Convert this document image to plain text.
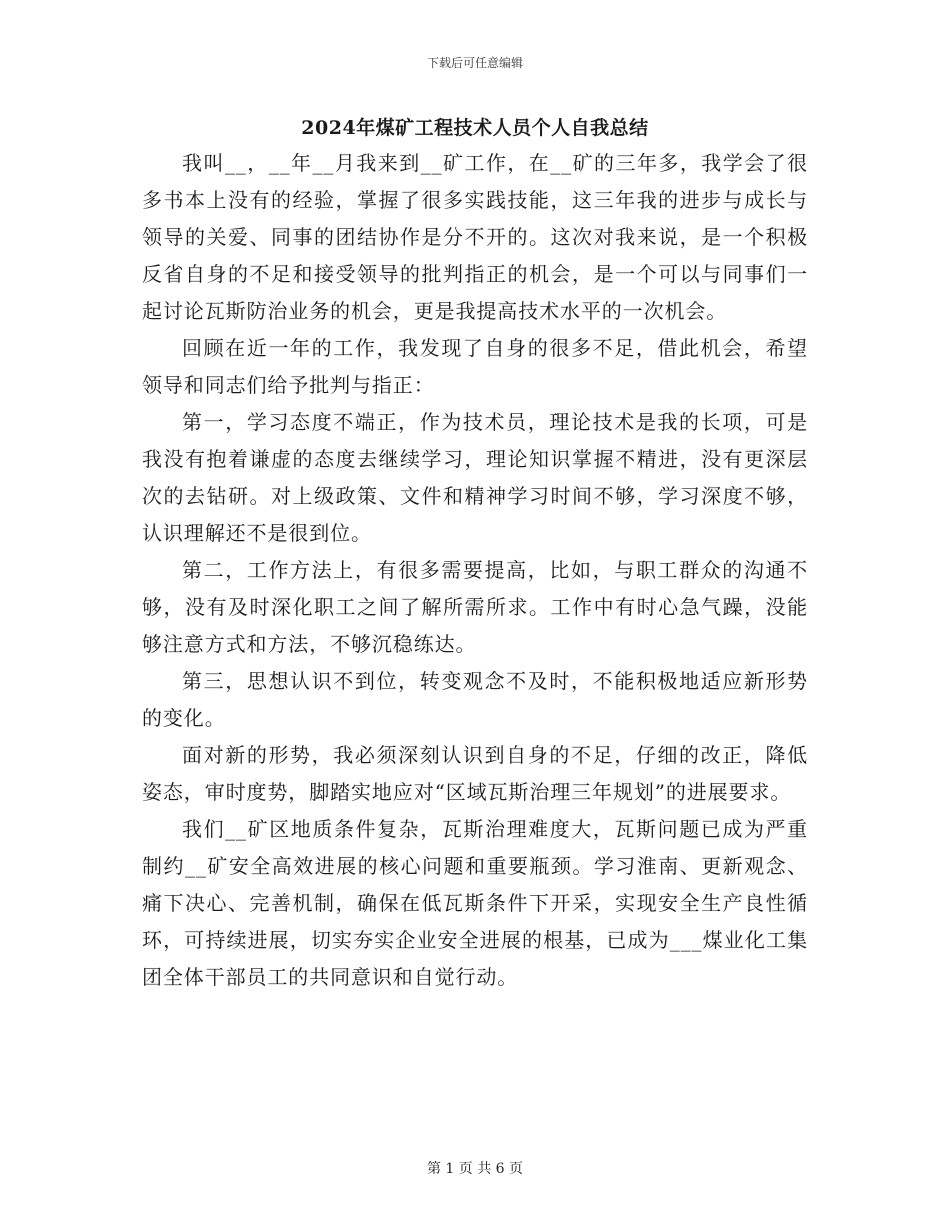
下载后可任意编辑
2024年煤矿工程技术人员个人自我总结

我叫__，__年__月我来到__矿工作，在__矿的三年多，我学会了很多书本上没有的经验，掌握了很多实践技能，这三年我的进步与成长与领导的关爱、同事的团结协作是分不开的。这次对我来说，是一个积极反省自身的不足和接受领导的批判指正的机会，是一个可以与同事们一起讨论瓦斯防治业务的机会，更是我提高技术水平的一次机会。

回顾在近一年的工作，我发现了自身的很多不足，借此机会，希望领导和同志们给予批判与指正：

第一，学习态度不端正，作为技术员，理论技术是我的长项，可是我没有抱着谦虚的态度去继续学习，理论知识掌握不精进，没有更深层次的去钻研。对上级政策、文件和精神学习时间不够，学习深度不够，认识理解还不是很到位。

第二，工作方法上，有很多需要提高，比如，与职工群众的沟通不够，没有及时深化职工之间了解所需所求。工作中有时心急气躁，没能够注意方式和方法，不够沉稳练达。

第三，思想认识不到位，转变观念不及时，不能积极地适应新形势的变化。

面对新的形势，我必须深刻认识到自身的不足，仔细的改正，降低姿态，审时度势，脚踏实地应对“区域瓦斯治理三年规划”的进展要求。

我们__矿区地质条件复杂，瓦斯治理难度大，瓦斯问题已成为严重制约__矿安全高效进展的核心问题和重要瓶颈。学习淮南、更新观念、痛下决心、完善机制，确保在低瓦斯条件下开采，实现安全生产良性循环，可持续进展，切实夯实企业安全进展的根基，已成为___煤业化工集团全体干部员工的共同意识和自觉行动。

第 1 页 共 6 页
